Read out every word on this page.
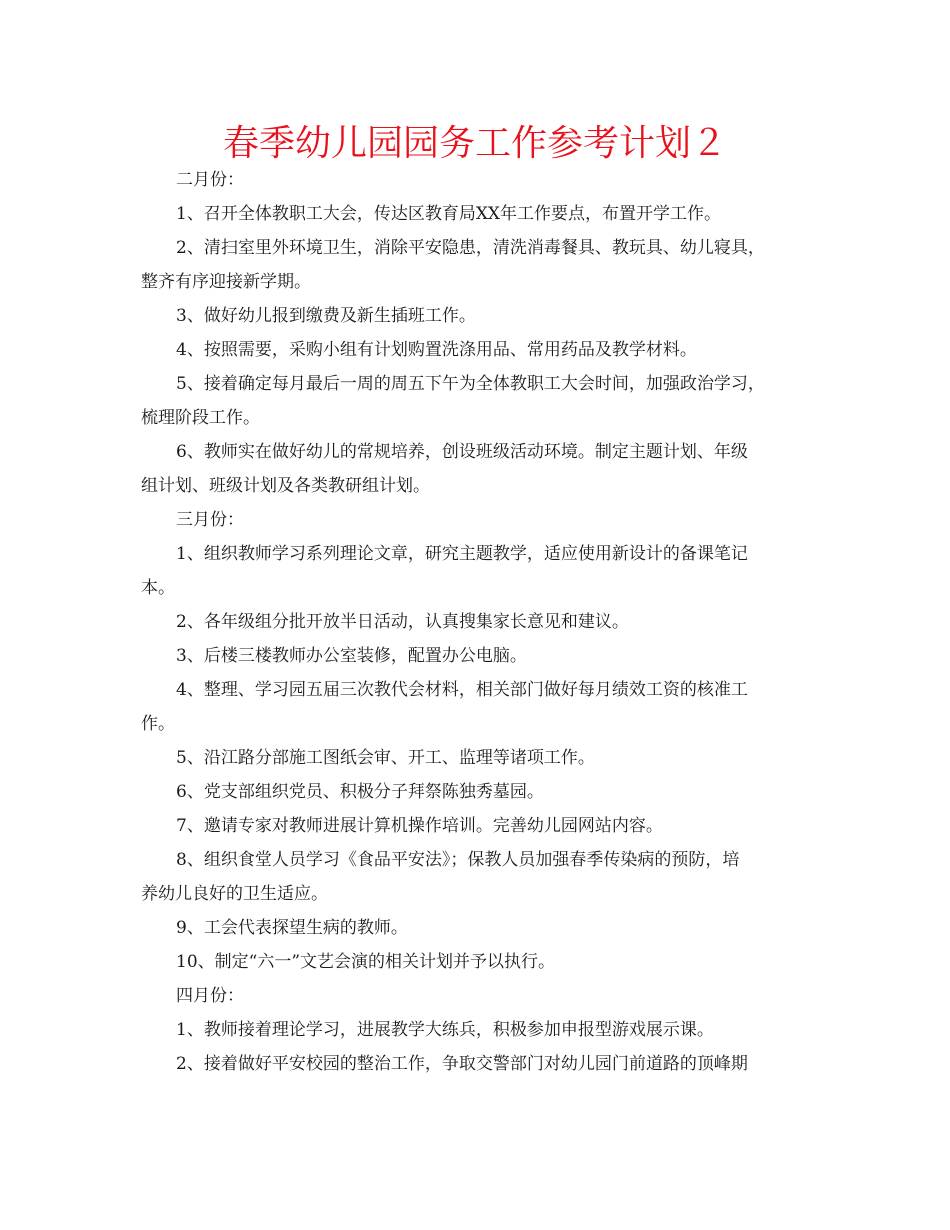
春季幼儿园园务工作参考计划２
二月份：
1、召开全体教职工大会，传达区教育局XX年工作要点，布置开学工作。
2、清扫室里外环境卫生，消除平安隐患，清洗消毒餐具、教玩具、幼儿寝具，
整齐有序迎接新学期。
3、做好幼儿报到缴费及新生插班工作。
4、按照需要，采购小组有计划购置洗涤用品、常用药品及教学材料。
5、接着确定每月最后一周的周五下午为全体教职工大会时间，加强政治学习，
梳理阶段工作。
6、教师实在做好幼儿的常规培养，创设班级活动环境。制定主题计划、年级
组计划、班级计划及各类教研组计划。
三月份：
1、组织教师学习系列理论文章，研究主题教学，适应使用新设计的备课笔记
本。
2、各年级组分批开放半日活动，认真搜集家长意见和建议。
3、后楼三楼教师办公室装修，配置办公电脑。
4、整理、学习园五届三次教代会材料，相关部门做好每月绩效工资的核准工
作。
5、沿江路分部施工图纸会审、开工、监理等诸项工作。
6、党支部组织党员、积极分子拜祭陈独秀墓园。
7、邀请专家对教师进展计算机操作培训。完善幼儿园网站内容。
8、组织食堂人员学习《食品平安法》；保教人员加强春季传染病的预防，培
养幼儿良好的卫生适应。
9、工会代表探望生病的教师。
10、制定“六一”文艺会演的相关计划并予以执行。
四月份：
1、教师接着理论学习，进展教学大练兵，积极参加申报型游戏展示课。
2、接着做好平安校园的整治工作，争取交警部门对幼儿园门前道路的顶峰期
